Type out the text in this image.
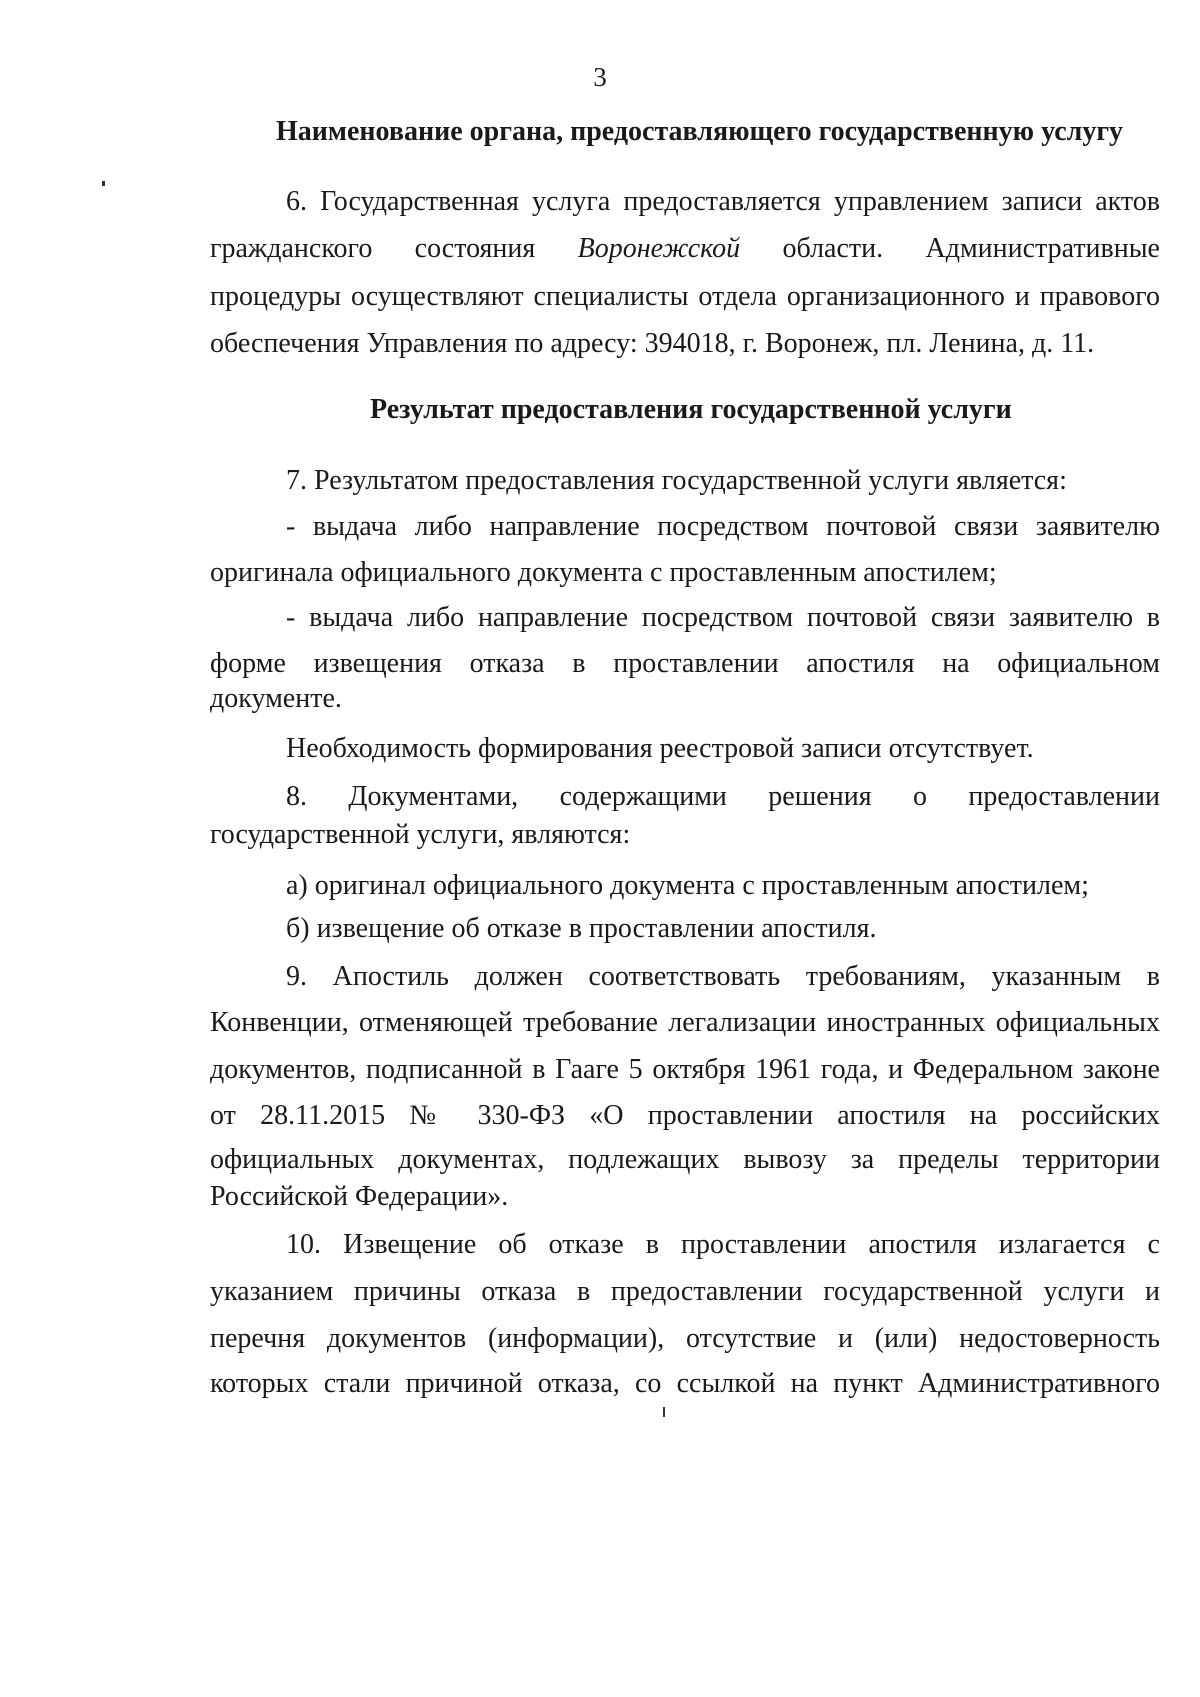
3
Наименование органа, предоставляющего государственную услугу
6. Государственная услуга предоставляется управлением записи актов
гражданского состояния Воронежской области. Административные
процедуры осуществляют специалисты отдела организационного и правового
обеспечения Управления по адресу: 394018, г. Воронеж, пл. Ленина, д. 11.
Результат предоставления государственной услуги
7. Результатом предоставления государственной услуги является:
- выдача либо направление посредством почтовой связи заявителю
оригинала официального документа с проставленным апостилем;
- выдача либо направление посредством почтовой связи заявителю в
форме извещения отказа в проставлении апостиля на официальном
документе.
Необходимость формирования реестровой записи отсутствует.
8. Документами, содержащими решения о предоставлении
государственной услуги, являются:
а) оригинал официального документа с проставленным апостилем;
б) извещение об отказе в проставлении апостиля.
9. Апостиль должен соответствовать требованиям, указанным в
Конвенции, отменяющей требование легализации иностранных официальных
документов, подписанной в Гааге 5 октября 1961 года, и Федеральном законе
от 28.11.2015 № 330-ФЗ «О проставлении апостиля на российских
официальных документах, подлежащих вывозу за пределы территории
Российской Федерации».
10. Извещение об отказе в проставлении апостиля излагается с
указанием причины отказа в предоставлении государственной услуги и
перечня документов (информации), отсутствие и (или) недостоверность
которых стали причиной отказа, со ссылкой на пункт Административного
